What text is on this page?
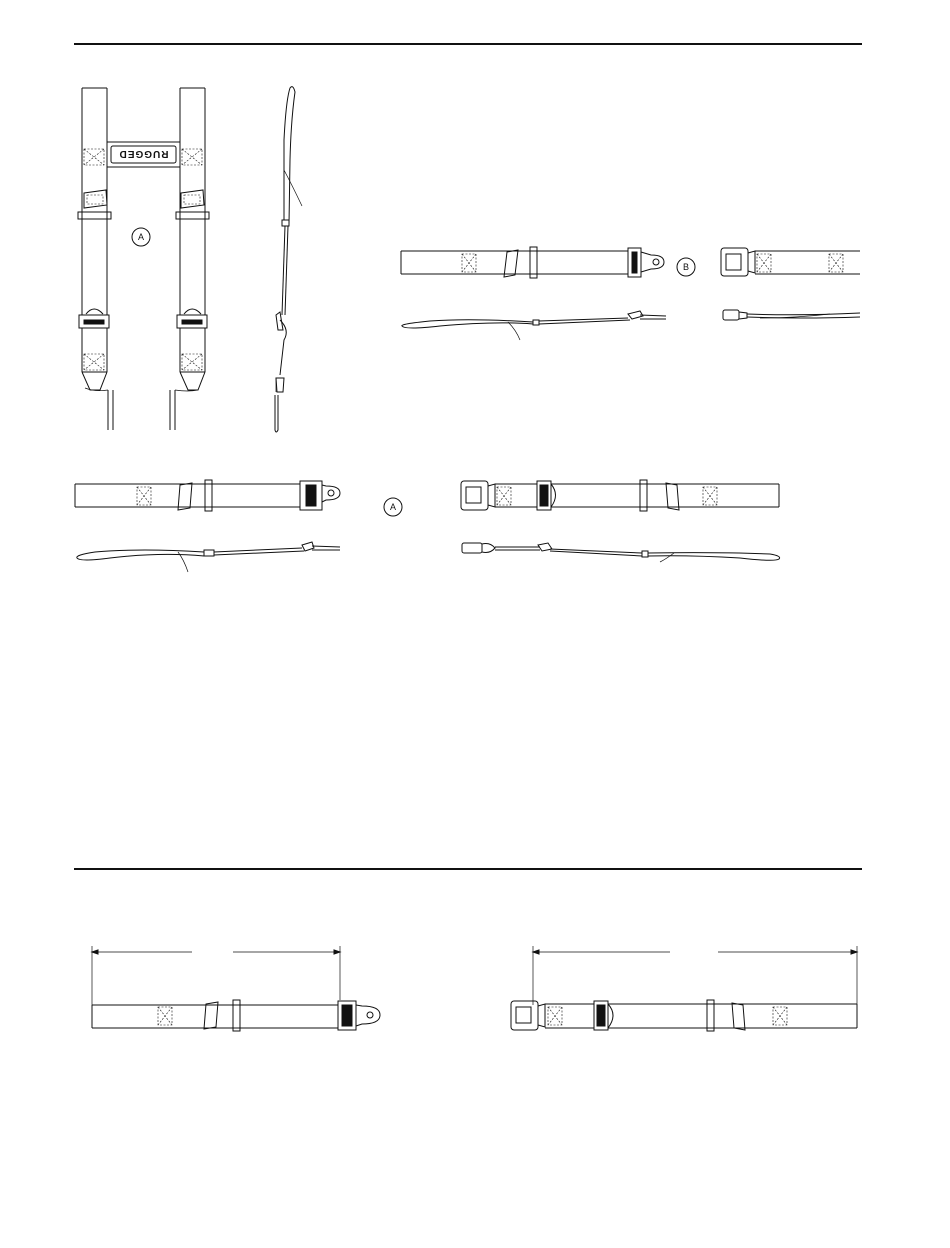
RUGGED
A
B
A
